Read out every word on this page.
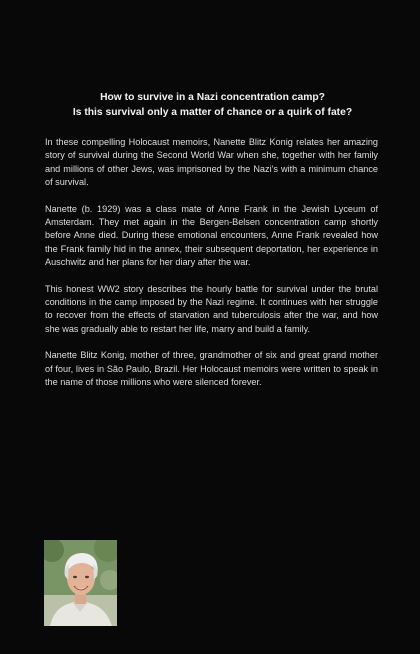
How to survive in a Nazi concentration camp?
Is this survival only a matter of chance or a quirk of fate?

In these compelling Holocaust memoirs, Nanette Blitz Konig relates her amazing story of survival during the Second World War when she, together with her family and millions of other Jews, was imprisoned by the Nazi's with a minimum chance of survival.

Nanette (b. 1929) was a class mate of Anne Frank in the Jewish Lyceum of Amsterdam. They met again in the Bergen-Belsen concentration camp shortly before Anne died. During these emotional encounters, Anne Frank revealed how the Frank family hid in the annex, their subsequent deportation, her experience in Auschwitz and her plans for her diary after the war.

This honest WW2 story describes the hourly battle for survival under the brutal conditions in the camp imposed by the Nazi regime. It continues with her struggle to recover from the effects of starvation and tuberculosis after the war, and how she was gradually able to restart her life, marry and build a family.

Nanette Blitz Konig, mother of three, grandmother of six and great grand mother of four, lives in São Paulo, Brazil. Her Holocaust memoirs were written to speak in the name of those millions who were silenced forever.
